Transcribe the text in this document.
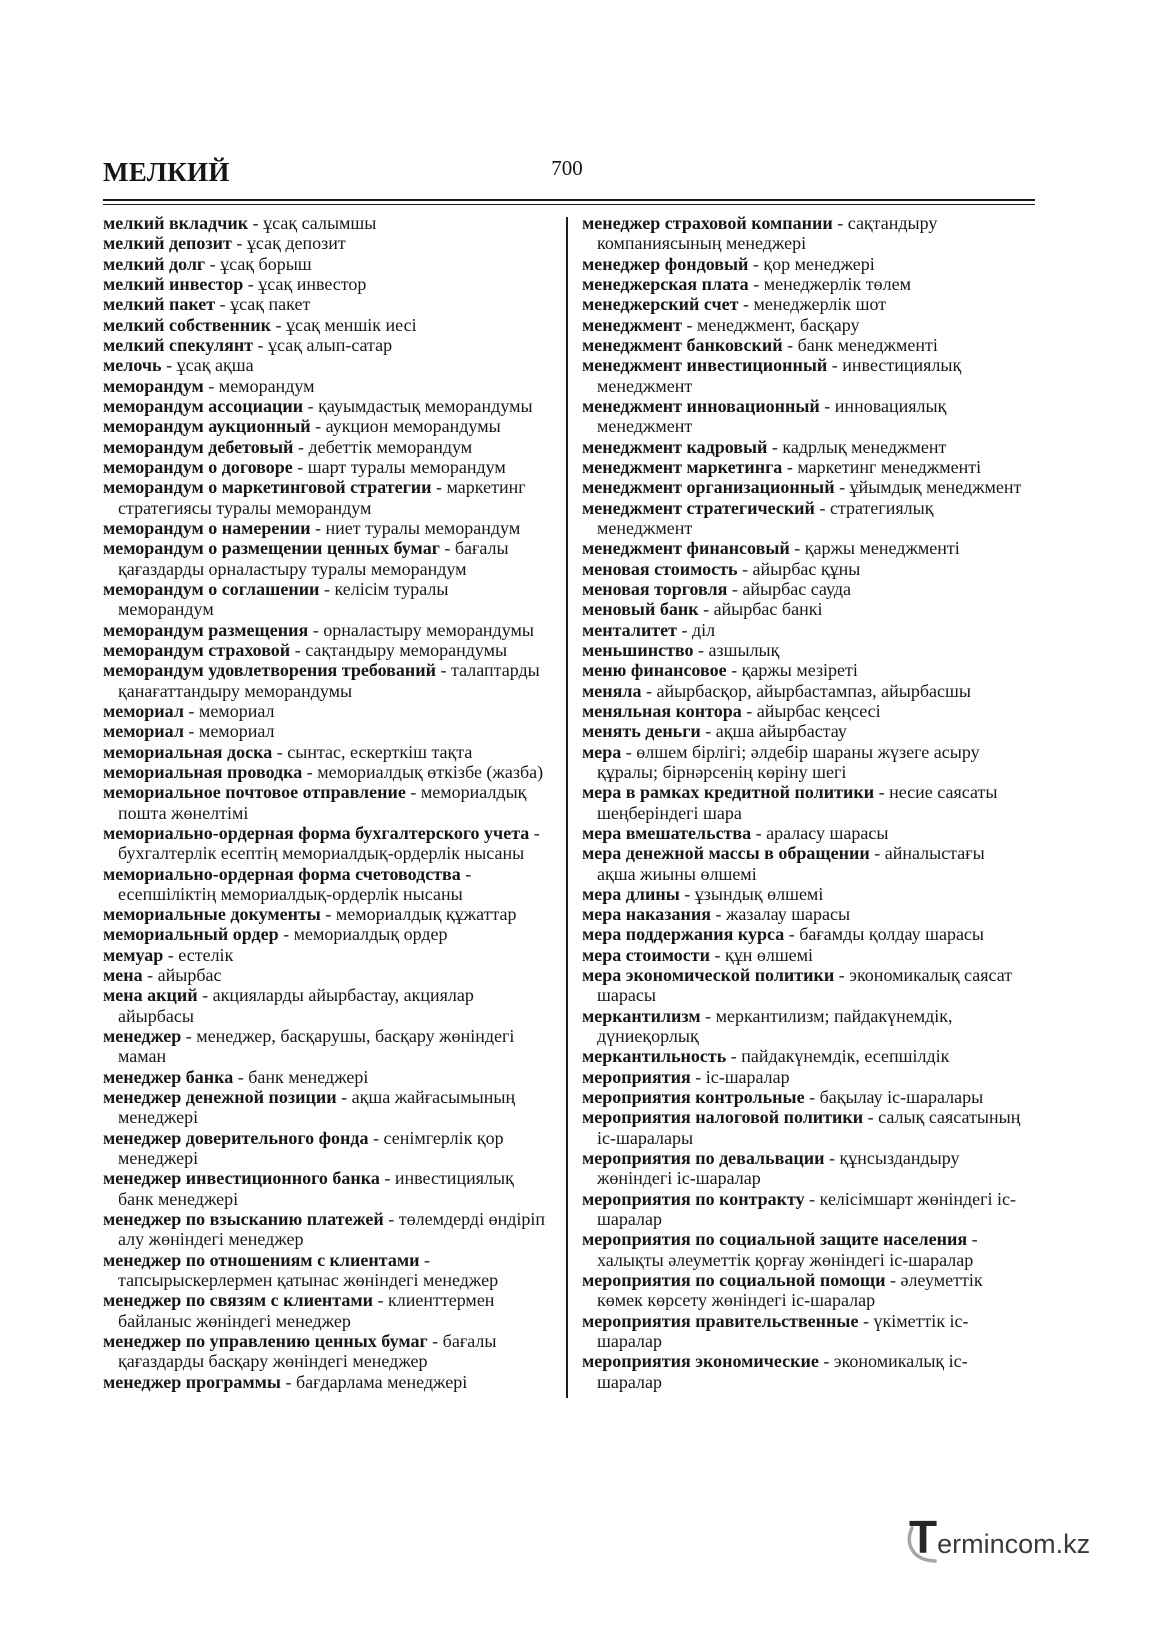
МЕЛКИЙ	700
мелкий вкладчик - ұсақ салымшы
мелкий депозит - ұсақ депозит
мелкий долг - ұсақ борыш
мелкий инвестор - ұсақ инвестор
мелкий пакет - ұсақ пакет
мелкий собственник - ұсақ меншік иесі
мелкий спекулянт - ұсақ алып-сатар
мелочь - ұсақ ақша
меморандум - меморандум
меморандум ассоциации - қауымдастық меморандумы
меморандум аукционный - аукцион меморандумы
меморандум дебетовый - дебеттік меморандум
меморандум о договоре - шарт туралы меморандум
меморандум о маркетинговой стратегии - маркетинг
стратегиясы туралы меморандум
меморандум о намерении - ниет туралы меморандум
меморандум о размещении ценных бумаг - бағалы
қағаздарды орналастыру туралы меморандум
меморандум о соглашении - келісім туралы
меморандум
меморандум размещения - орналастыру меморандумы
меморандум страховой - сақтандыру меморандумы
меморандум удовлетворения требований - талаптарды
қанағаттандыру меморандумы
мемориал - мемориал
мемориал - мемориал
мемориальная доска - сынтас, ескерткіш тақта
мемориальная проводка - мемориалдық өткізбе (жазба)
мемориальное почтовое отправление - мемориалдық
пошта жөнелтімі
мемориально-ордерная форма бухгалтерского учета -
бухгалтерлік есептің мемориалдық-ордерлік нысаны
мемориально-ордерная форма счетоводства -
есепшіліктің мемориалдық-ордерлік нысаны
мемориальные документы - мемориалдық құжаттар
мемориальный ордер - мемориалдық ордер
мемуар - естелік
мена - айырбас
мена акций - акцияларды айырбастау, акциялар
айырбасы
менеджер - менеджер, басқарушы, басқару жөніндегі
маман
менеджер банка - банк менеджері
менеджер денежной позиции - ақша жайғасымының
менеджері
менеджер доверительного фонда - сенімгерлік қор
менеджері
менеджер инвестиционного банка - инвестициялық
банк менеджері
менеджер по взысканию платежей - төлемдерді өндіріп
алу жөніндегі менеджер
менеджер по отношениям с клиентами -
тапсырыскерлермен қатынас жөніндегі менеджер
менеджер по связям с клиентами - клиенттермен
байланыс жөніндегі менеджер
менеджер по управлению ценных бумаг - бағалы
қағаздарды басқару жөніндегі менеджер
менеджер программы - бағдарлама менеджері
менеджер страховой компании - сақтандыру
компаниясының менеджері
менеджер фондовый - қор менеджері
менеджерская плата - менеджерлік төлем
менеджерский счет - менеджерлік шот
менеджмент - менеджмент, басқару
менеджмент банковский - банк менеджменті
менеджмент инвестиционный - инвестициялық
менеджмент
менеджмент инновационный - инновациялық
менеджмент
менеджмент кадровый - кадрлық менеджмент
менеджмент маркетинга - маркетинг менеджменті
менеджмент организационный - ұйымдық менеджмент
менеджмент стратегический - стратегиялық
менеджмент
менеджмент финансовый - қаржы менеджменті
меновая стоимость - айырбас құны
меновая торговля - айырбас сауда
меновый банк - айырбас банкі
менталитет - діл
меньшинство - азшылық
меню финансовое - қаржы мезіреті
меняла - айырбасқор, айырбастампаз, айырбасшы
меняльная контора - айырбас кеңсесі
менять деньги - ақша айырбастау
мера - өлшем бірлігі; әлдебір шараны жүзеге асыру
құралы; бірнәрсенің көріну шегі
мера в рамках кредитной политики - несие саясаты
шеңберіндегі шара
мера вмешательства - араласу шарасы
мера денежной массы в обращении - айналыстағы
ақша жиыны өлшемі
мера длины - ұзындық өлшемі
мера наказания - жазалау шарасы
мера поддержания курса - бағамды қолдау шарасы
мера стоимости - құн өлшемі
мера экономической политики - экономикалық саясат
шарасы
меркантилизм - меркантилизм; пайдакүнемдік,
дүниеқорлық
меркантильность - пайдакүнемдік, есепшілдік
мероприятия - іс-шаралар
мероприятия контрольные - бақылау іс-шаралары
мероприятия налоговой политики - салық саясатының
іс-шаралары
мероприятия по девальвации - құнсыздандыру
жөніндегі іс-шаралар
мероприятия по контракту - келісімшарт жөніндегі іс-
шаралар
мероприятия по социальной защите населения -
халықты әлеуметтік қорғау жөніндегі іс-шаралар
мероприятия по социальной помощи - әлеуметтік
көмек көрсету жөніндегі іс-шаралар
мероприятия правительственные - үкіметтік іс-
шаралар
мероприятия экономические - экономикалық іс-
шаралар
Termincom.kz
